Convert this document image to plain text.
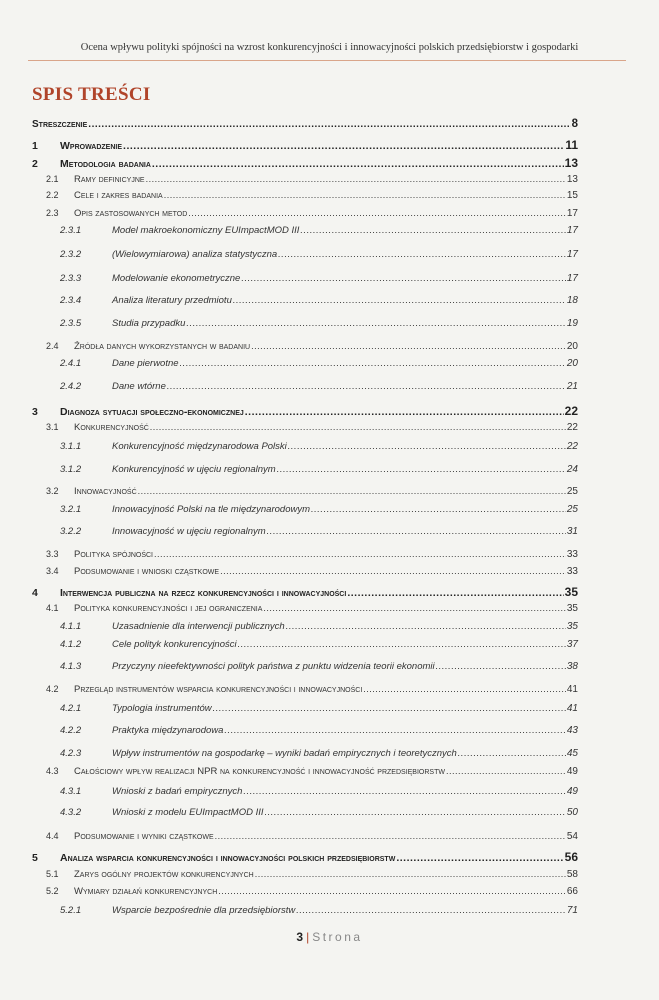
Ocena wpływu polityki spójności na wzrost konkurencyjności i innowacyjności polskich przedsiębiorstw i gospodarki
SPIS TREŚCI
Streszczenie .....	8
1	Wprowadzenie .....	11
2	Metodologia badania .....	13
2.1	Ramy definicyjne .....	13
2.2	Cele i zakres badania .....	15
2.3	Opis zastosowanych metod .....	17
2.3.1	Model makroekonomiczny EUImpactMOD III .....	17
2.3.2	(Wielowymiarowa) analiza statystyczna .....	17
2.3.3	Modelowanie ekonometryczne .....	17
2.3.4	Analiza literatury przedmiotu .....	18
2.3.5	Studia przypadku .....	19
2.4	Źródła danych wykorzystanych w badaniu .....	20
2.4.1	Dane pierwotne .....	20
2.4.2	Dane wtórne .....	21
3	Diagnoza sytuacji społeczno-ekonomicznej .....	22
3.1	Konkurencyjność .....	22
3.1.1	Konkurencyjność międzynarodowa Polski .....	22
3.1.2	Konkurencyjność w ujęciu regionalnym .....	24
3.2	Innowacyjność .....	25
3.2.1	Innowacyjność Polski na tle międzynarodowym .....	25
3.2.2	Innowacyjność w ujęciu regionalnym .....	31
3.3	Polityka spójności .....	33
3.4	Podsumowanie i wnioski cząstkowe .....	33
4	Interwencja publiczna na rzecz konkurencyjności i innowacyjności .....	35
4.1	Polityka konkurencyjności i jej ograniczenia .....	35
4.1.1	Uzasadnienie dla interwencji publicznych .....	35
4.1.2	Cele polityk konkurencyjności .....	37
4.1.3	Przyczyny nieefektywności polityk państwa z punktu widzenia teorii ekonomii .....	38
4.2	Przegląd instrumentów wsparcia konkurencyjności i innowacyjności .....	41
4.2.1	Typologia instrumentów .....	41
4.2.2	Praktyka międzynarodowa .....	43
4.2.3	Wpływ instrumentów na gospodarkę – wyniki badań empirycznych i teoretycznych .....	45
4.3	Całościowy wpływ realizacji NPR na konkurencyjność i innowacyjność przedsiębiorstw .....	49
4.3.1	Wnioski z badań empirycznych .....	49
4.3.2	Wnioski z modelu EUImpactMOD III .....	50
4.4	Podsumowanie i wyniki cząstkowe .....	54
5	Analiza wsparcia konkurencyjności i innowacyjności polskich przedsiębiorstw .....	56
5.1	Zarys ogólny projektów konkurencyjnych .....	58
5.2	Wymiary działań konkurencyjnych .....	66
5.2.1	Wsparcie bezpośrednie dla przedsiębiorstw .....	71
3 | Strona
